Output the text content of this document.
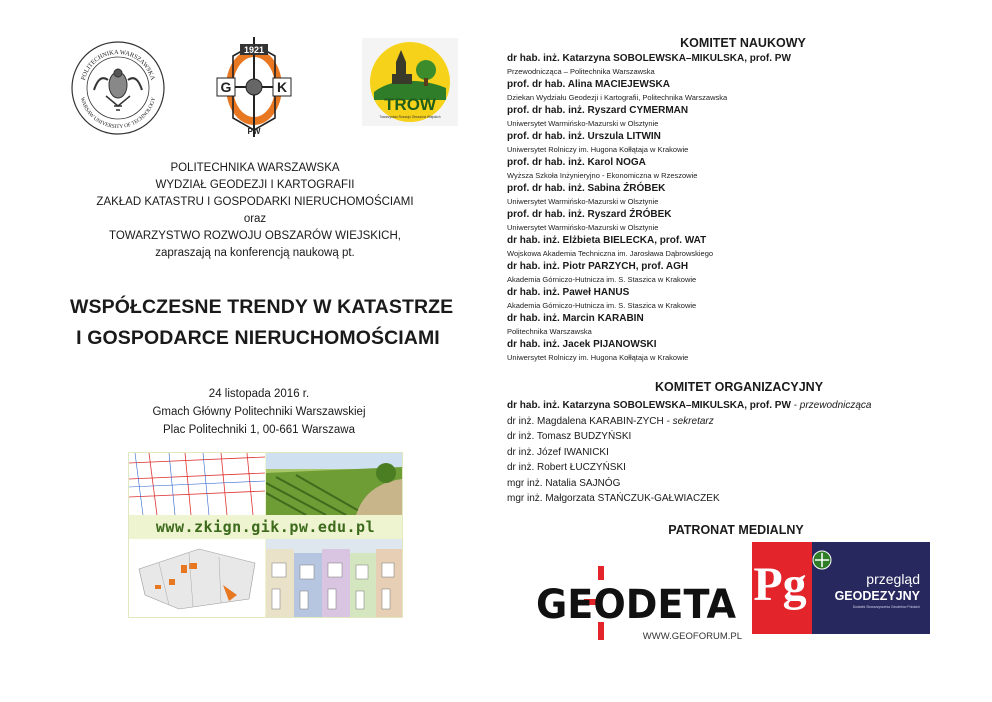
POLITECHNIKA WARSZAWSKA
WARSAW UNIVERSITY OF TECHNOLOGY
1921
G	K
PW
TROW
Towarzystwo Rozwoju Obszarów Wiejskich
POLITECHNIKA WARSZAWSKA
WYDZIAŁ GEODEZJI I KARTOGRAFII
ZAKŁAD KATASTRU I GOSPODARKI NIERUCHOMOŚCIAMI
oraz
TOWARZYSTWO ROZWOJU OBSZARÓW WIEJSKICH,
zapraszają na konferencją naukową pt.
WSPÓŁCZESNE TRENDY W KATASTRZE
I GOSPODARCE NIERUCHOMOŚCIAMI
24 listopada 2016 r.
Gmach Główny Politechniki Warszawskiej
Plac Politechniki 1, 00-661 Warszawa
www.zkign.gik.pw.edu.pl
KOMITET NAUKOWY
dr hab. inż. Katarzyna SOBOLEWSKA–MIKULSKA, prof. PW
Przewodnicząca – Politechnika Warszawska
prof. dr hab. Alina MACIEJEWSKA
Dziekan Wydziału Geodezji i Kartografii, Politechnika Warszawska
prof. dr hab. inż. Ryszard CYMERMAN
Uniwersytet Warmińsko-Mazurski w Olsztynie
prof. dr hab. inż. Urszula LITWIN
Uniwersytet Rolniczy im. Hugona Kołłątaja w Krakowie
prof. dr hab. inż. Karol NOGA
Wyższa Szkoła Inżynieryjno - Ekonomiczna w Rzeszowie
prof. dr hab. inż. Sabina ŹRÓBEK
Uniwersytet Warmińsko-Mazurski w Olsztynie
prof. dr hab. inż. Ryszard ŹRÓBEK
Uniwersytet Warmińsko-Mazurski w Olsztynie
dr hab. inż. Elżbieta BIELECKA, prof. WAT
Wojskowa Akademia Techniczna im. Jarosława Dąbrowskiego
dr hab. inż. Piotr PARZYCH, prof. AGH
Akademia Górniczo-Hutnicza im. S. Staszica w Krakowie
dr hab. inż. Paweł HANUS
Akademia Górniczo-Hutnicza im. S. Staszica w Krakowie
dr hab. inż. Marcin KARABIN
Politechnika Warszawska
dr hab. inż. Jacek PIJANOWSKI
Uniwersytet Rolniczy im. Hugona Kołłątaja w Krakowie
KOMITET ORGANIZACYJNY
dr hab. inż. Katarzyna SOBOLEWSKA–MIKULSKA, prof. PW - przewodnicząca
dr inż. Magdalena KARABIN-ZYCH - sekretarz
dr inż. Tomasz BUDZYŃSKI
dr inż. Józef IWANICKI
dr inż. Robert ŁUCZYŃSKI
mgr inż. Natalia SAJNÓG
mgr inż. Małgorzata STAŃCZUK-GAŁWIACZEK
PATRONAT MEDIALNY
GEODETA
WWW.GEOFORUM.PL
Pg	przegląd
GEODEZYJNY
Dodatek Stowarzyszenia Geodetów Polskich
